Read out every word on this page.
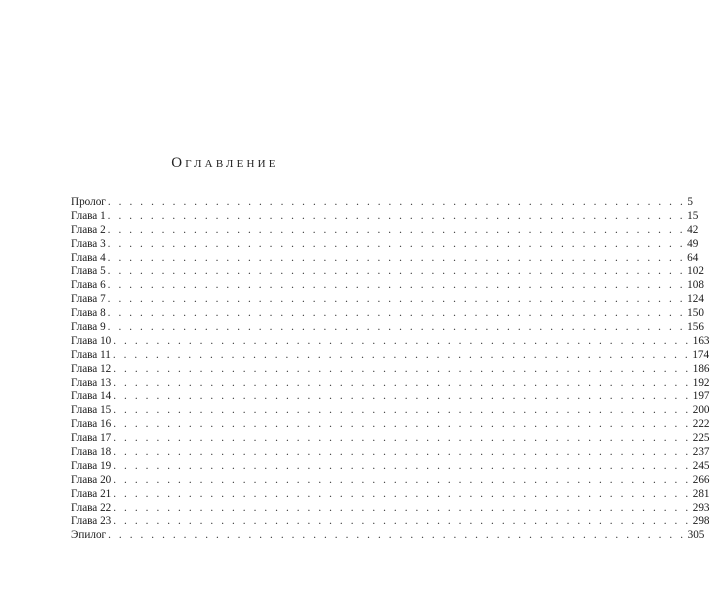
Оглавление
Пролог . . . . . . . . . . . . . . . . . . . . . . . . . . . . . . . . . . . . . . . . . . . . . . . . . . . . . . 5
Глава 1 . . . . . . . . . . . . . . . . . . . . . . . . . . . . . . . . . . . . . . . . . . . . . . . . . . . . . . 15
Глава 2 . . . . . . . . . . . . . . . . . . . . . . . . . . . . . . . . . . . . . . . . . . . . . . . . . . . . . . 42
Глава 3 . . . . . . . . . . . . . . . . . . . . . . . . . . . . . . . . . . . . . . . . . . . . . . . . . . . . . . 49
Глава 4 . . . . . . . . . . . . . . . . . . . . . . . . . . . . . . . . . . . . . . . . . . . . . . . . . . . . . . 64
Глава 5 . . . . . . . . . . . . . . . . . . . . . . . . . . . . . . . . . . . . . . . . . . . . . . . . . . . . . . 102
Глава 6 . . . . . . . . . . . . . . . . . . . . . . . . . . . . . . . . . . . . . . . . . . . . . . . . . . . . . . 108
Глава 7 . . . . . . . . . . . . . . . . . . . . . . . . . . . . . . . . . . . . . . . . . . . . . . . . . . . . . . 124
Глава 8 . . . . . . . . . . . . . . . . . . . . . . . . . . . . . . . . . . . . . . . . . . . . . . . . . . . . . . 150
Глава 9 . . . . . . . . . . . . . . . . . . . . . . . . . . . . . . . . . . . . . . . . . . . . . . . . . . . . . . 156
Глава 10 . . . . . . . . . . . . . . . . . . . . . . . . . . . . . . . . . . . . . . . . . . . . . . . . . . . . . . 163
Глава 11 . . . . . . . . . . . . . . . . . . . . . . . . . . . . . . . . . . . . . . . . . . . . . . . . . . . . . . 174
Глава 12 . . . . . . . . . . . . . . . . . . . . . . . . . . . . . . . . . . . . . . . . . . . . . . . . . . . . . . 186
Глава 13 . . . . . . . . . . . . . . . . . . . . . . . . . . . . . . . . . . . . . . . . . . . . . . . . . . . . . . 192
Глава 14 . . . . . . . . . . . . . . . . . . . . . . . . . . . . . . . . . . . . . . . . . . . . . . . . . . . . . . 197
Глава 15 . . . . . . . . . . . . . . . . . . . . . . . . . . . . . . . . . . . . . . . . . . . . . . . . . . . . . . 200
Глава 16 . . . . . . . . . . . . . . . . . . . . . . . . . . . . . . . . . . . . . . . . . . . . . . . . . . . . . . 222
Глава 17 . . . . . . . . . . . . . . . . . . . . . . . . . . . . . . . . . . . . . . . . . . . . . . . . . . . . . . 225
Глава 18 . . . . . . . . . . . . . . . . . . . . . . . . . . . . . . . . . . . . . . . . . . . . . . . . . . . . . . 237
Глава 19 . . . . . . . . . . . . . . . . . . . . . . . . . . . . . . . . . . . . . . . . . . . . . . . . . . . . . . 245
Глава 20 . . . . . . . . . . . . . . . . . . . . . . . . . . . . . . . . . . . . . . . . . . . . . . . . . . . . . . 266
Глава 21 . . . . . . . . . . . . . . . . . . . . . . . . . . . . . . . . . . . . . . . . . . . . . . . . . . . . . . 281
Глава 22 . . . . . . . . . . . . . . . . . . . . . . . . . . . . . . . . . . . . . . . . . . . . . . . . . . . . . . 293
Глава 23 . . . . . . . . . . . . . . . . . . . . . . . . . . . . . . . . . . . . . . . . . . . . . . . . . . . . . . 298
Эпилог . . . . . . . . . . . . . . . . . . . . . . . . . . . . . . . . . . . . . . . . . . . . . . . . . . . . . . 305
